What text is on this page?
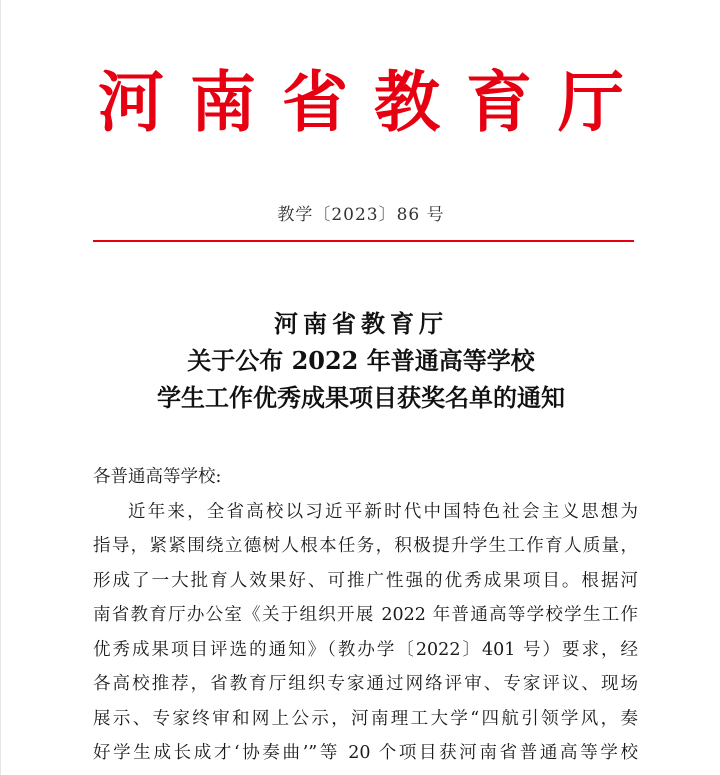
河南省教育厅
教学〔2023〕86 号
河南省教育厅
关于公布 2022 年普通高等学校
学生工作优秀成果项目获奖名单的通知
各普通高等学校:
近年来，全省高校以习近平新时代中国特色社会主义思想为
指导，紧紧围绕立德树人根本任务，积极提升学生工作育人质量，
形成了一大批育人效果好、可推广性强的优秀成果项目。根据河
南省教育厅办公室《关于组织开展 2022 年普通高等学校学生工作
优秀成果项目评选的通知》（教办学〔2022〕401 号）要求，经
各高校推荐，省教育厅组织专家通过网络评审、专家评议、现场
展示、专家终审和网上公示，河南理工大学“四航引领学风，奏
好学生成长成才‘协奏曲’”等 20 个项目获河南省普通高等学校
